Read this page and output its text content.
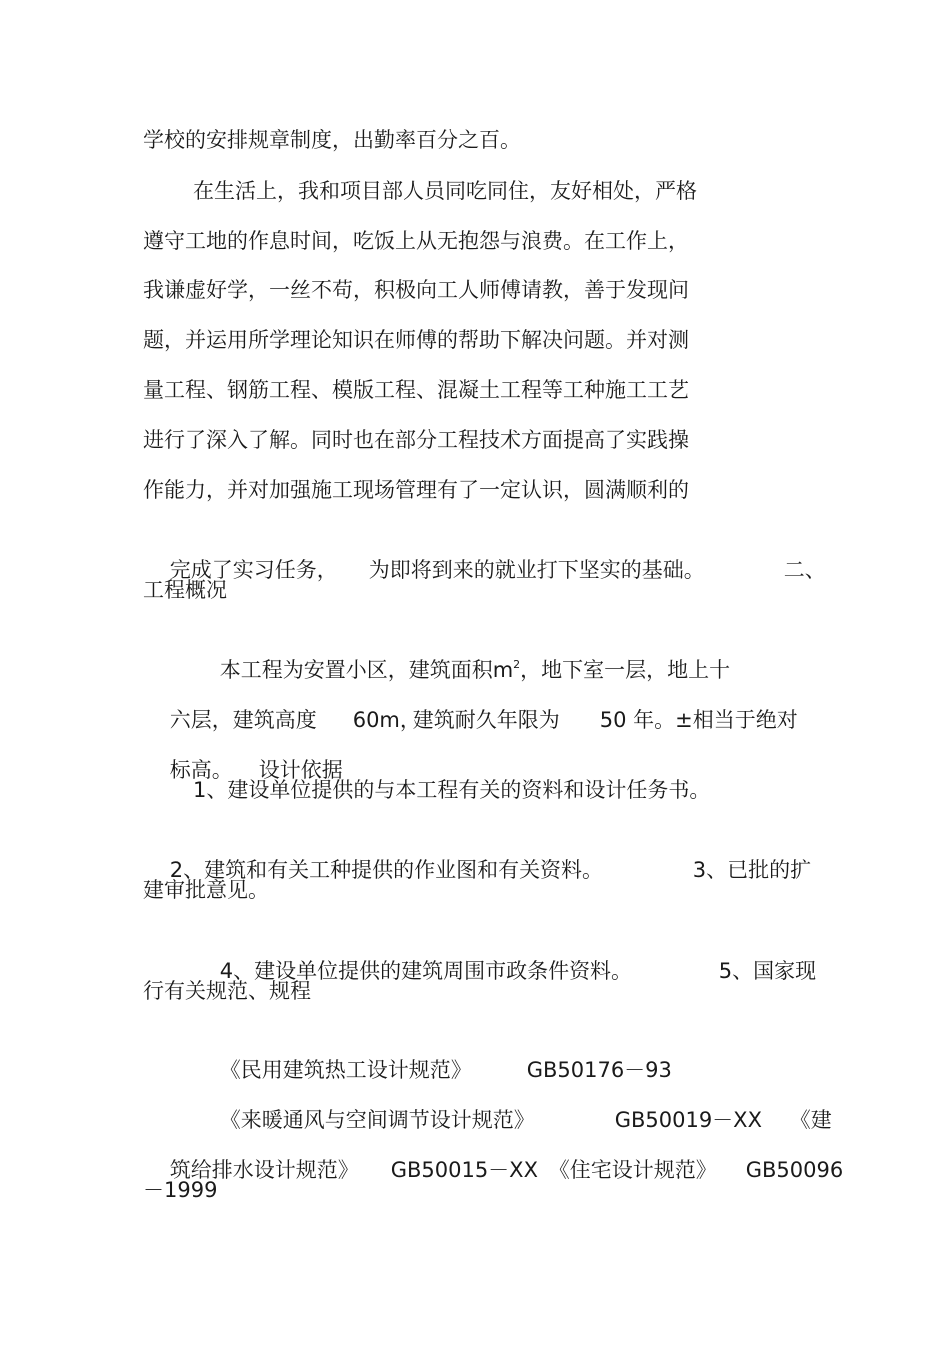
学校的安排规章制度，出勤率百分之百。
在生活上，我和项目部人员同吃同住，友好相处，严格
遵守工地的作息时间，吃饭上从无抱怨与浪费。在工作上，
我谦虚好学，一丝不苟，积极向工人师傅请教，善于发现问
题，并运用所学理论知识在师傅的帮助下解决问题。并对测
量工程、钢筋工程、模版工程、混凝土工程等工种施工工艺
进行了深入了解。同时也在部分工程技术方面提高了实践操
作能力，并对加强施工现场管理有了一定认识，圆满顺利的

完成了实习任务，
	为即将到来的就业打下坚实的基础。
	二、

工程概况

本工程为安置小区，建筑面积$m^2$，地下室一层，地上十

六层，建筑高度
	60m，

建筑耐久年限为
	50 年。±相当于绝对

标高。
	设计依据

1、建设单位提供的与本工程有关的资料和设计任务书。

2、建筑和有关工种提供的作业图和有关资料。
	3、已批的扩

建审批意见。

4、建设单位提供的建筑周围市政条件资料。
	5、国家现

行有关规范、规程

《民用建筑热工设计规范》
	GB50176－93

《来暖通风与空间调节设计规范》
	GB50019－XX
	《建

筑给排水设计规范》
	GB50015－XX
《住宅设计规范》
	GB50096

－1999
